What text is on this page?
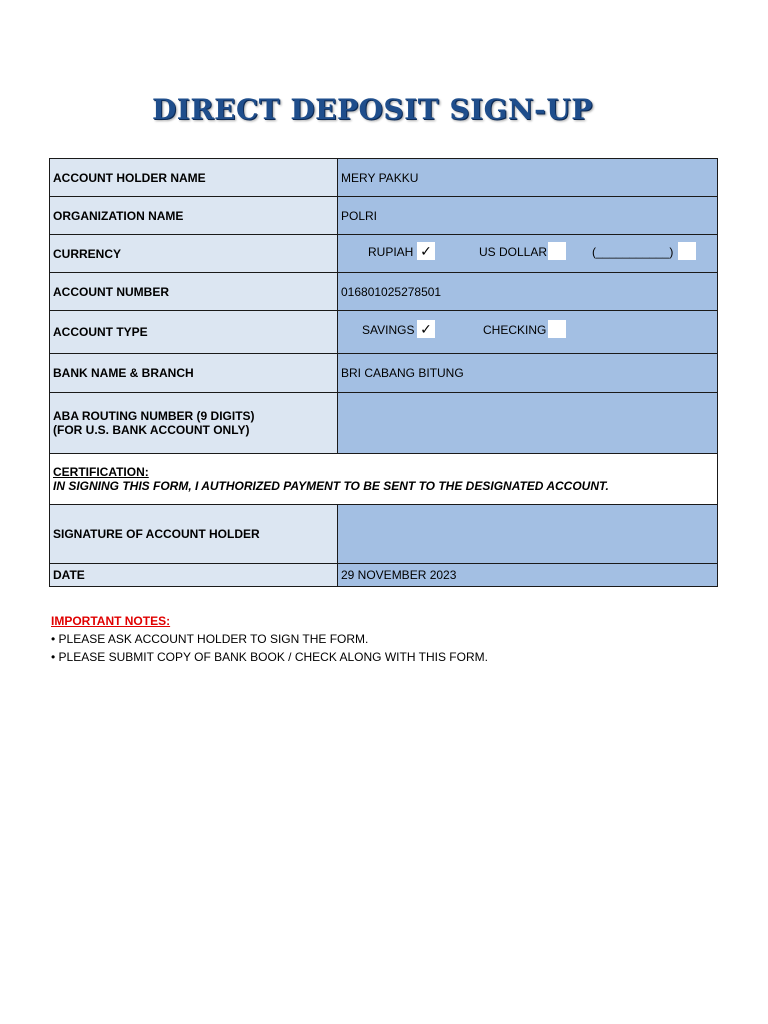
DIRECT DEPOSIT SIGN-UP
ACCOUNT HOLDER NAME	MERY PAKKU
ORGANIZATION NAME	POLRI
CURRENCY	RUPIAH ✓ US DOLLAR (___________)

ACCOUNT NUMBER	016801025278501
ACCOUNT TYPE	SAVINGS ✓ CHECKING

BANK NAME & BRANCH	BRI CABANG BITUNG

ABA ROUTING NUMBER (9 DIGITS)
(FOR U.S. BANK ACCOUNT ONLY)	

CERTIFICATION:
IN SIGNING THIS FORM, I AUTHORIZED PAYMENT TO BE SENT TO THE DESIGNATED ACCOUNT.	

SIGNATURE OF ACCOUNT HOLDER	
DATE	29 NOVEMBER 2023
IMPORTANT NOTES:
• PLEASE ASK ACCOUNT HOLDER TO SIGN THE FORM.
• PLEASE SUBMIT COPY OF BANK BOOK / CHECK ALONG WITH THIS FORM.
